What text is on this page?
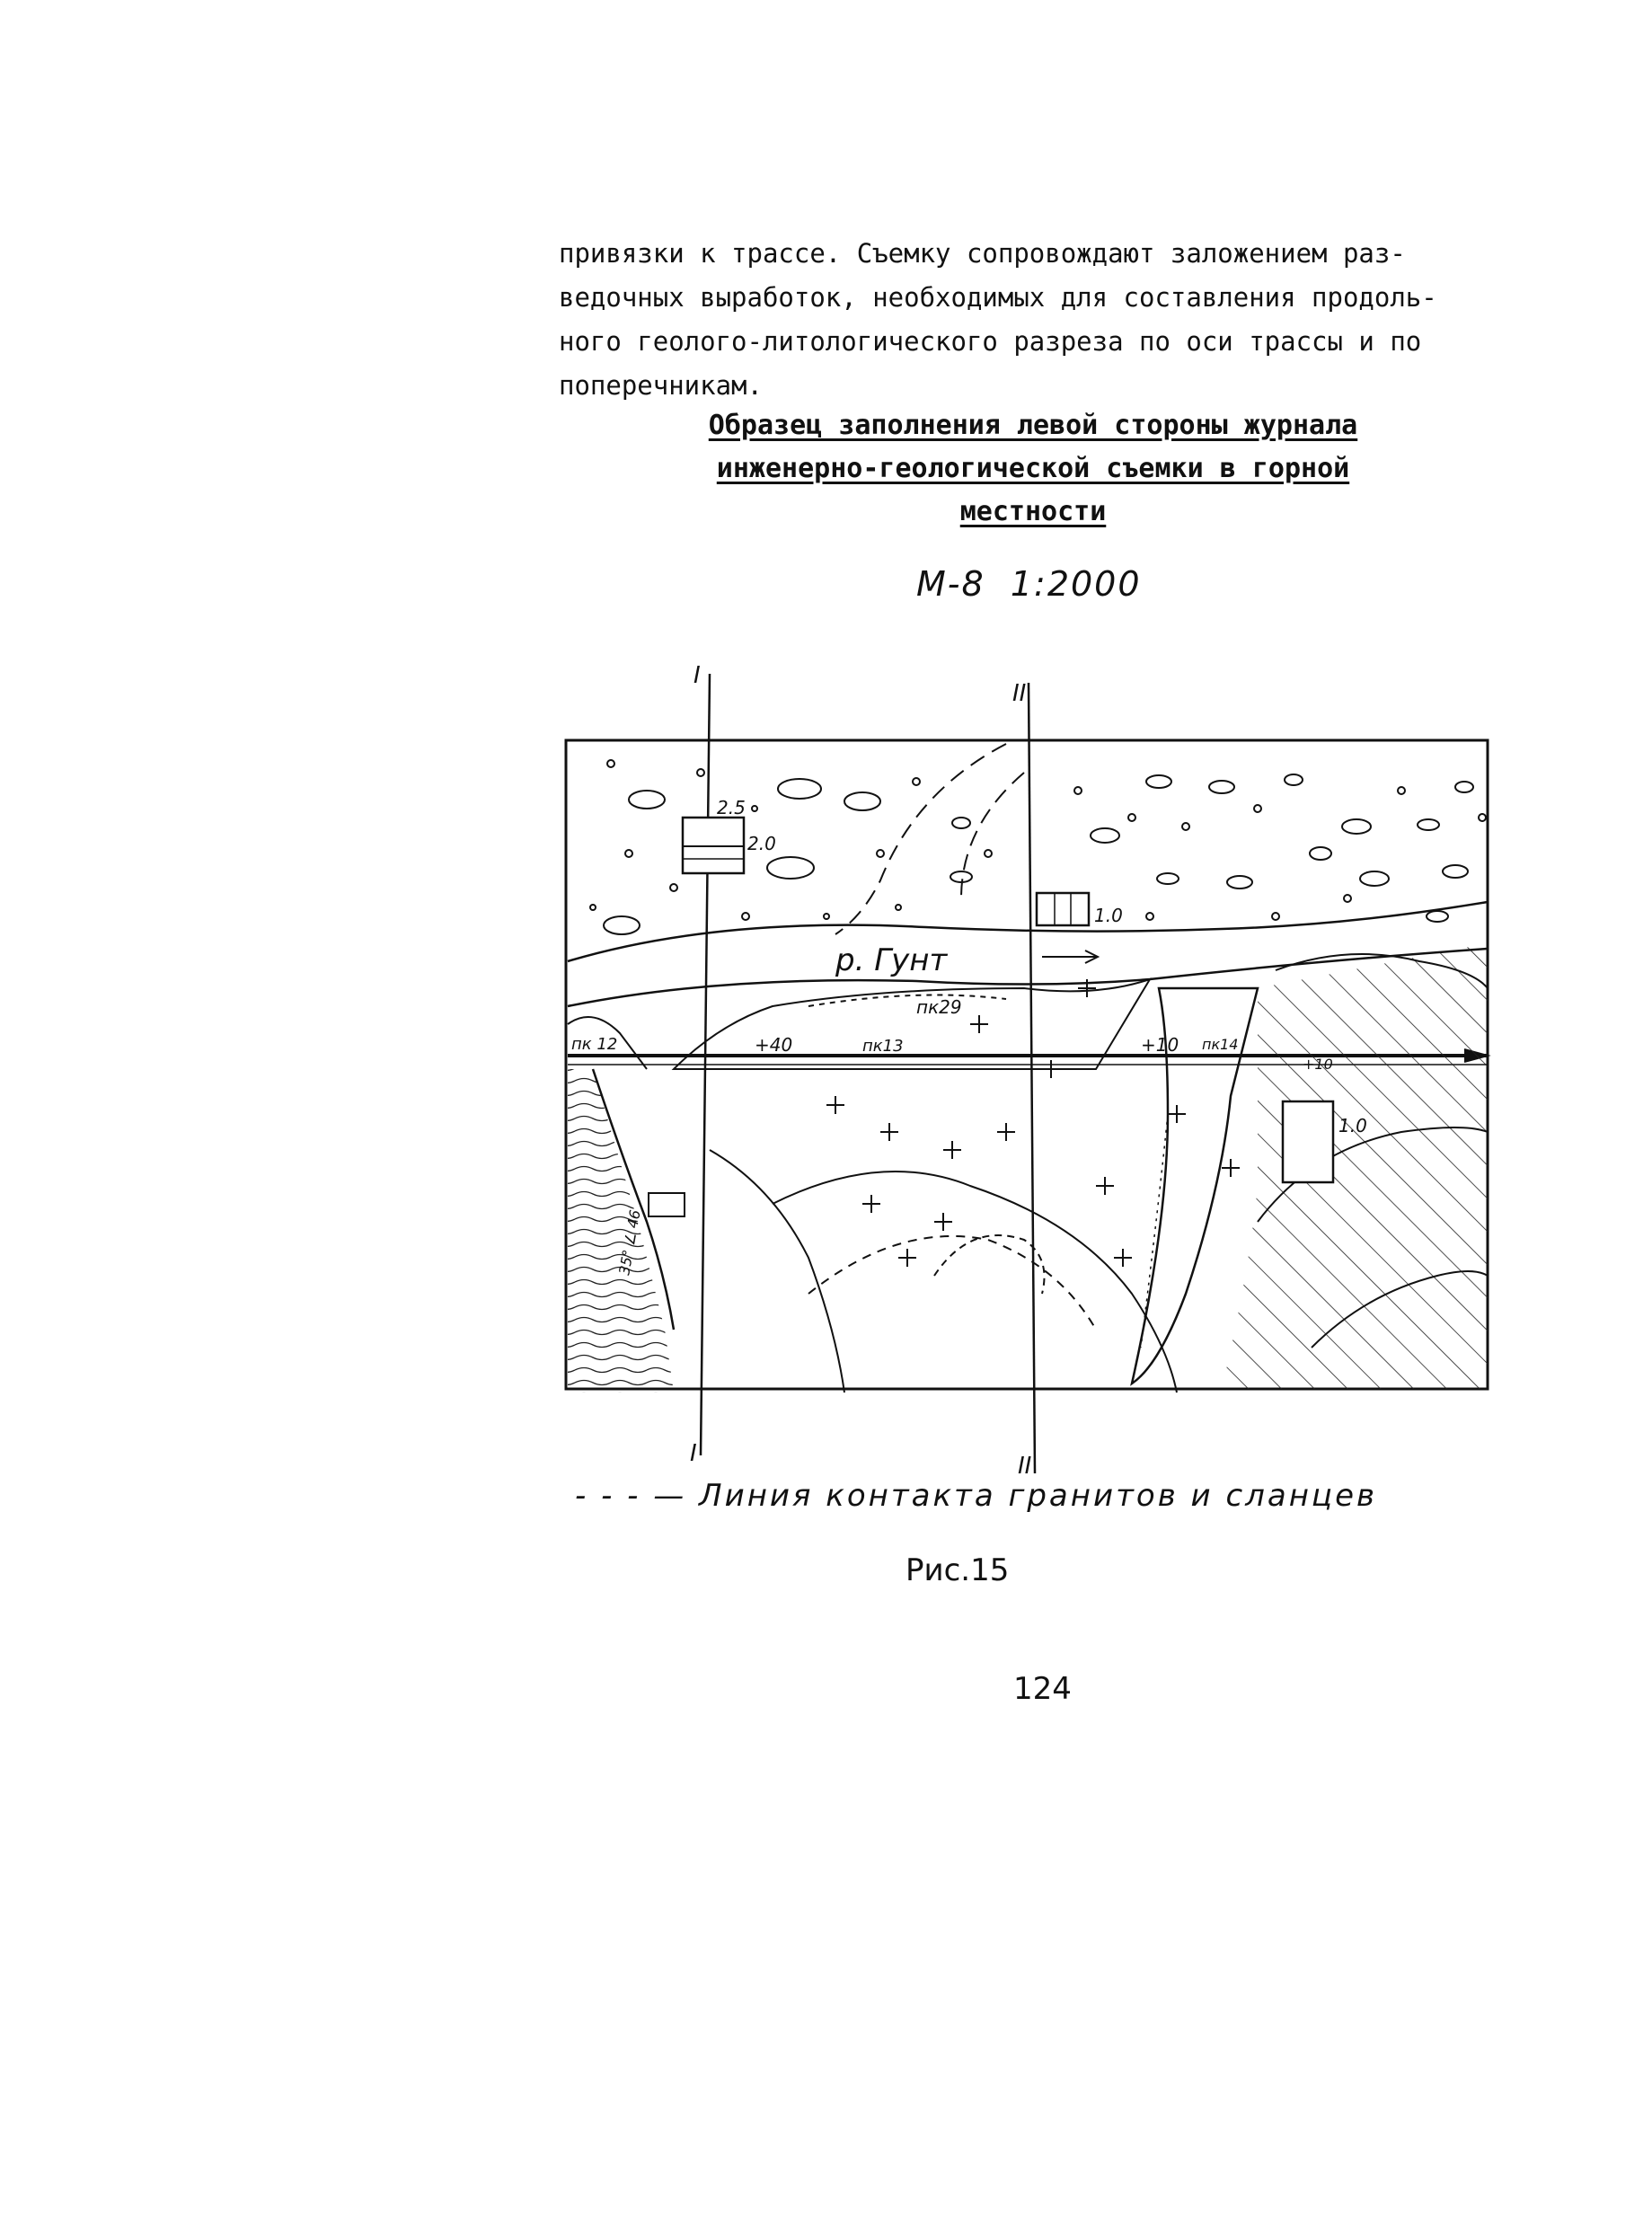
привязки к трассе. Съемку сопровождают заложением раз-
ведочных выработок, необходимых для составления продоль-
ного геолого-литологического разреза по оси трассы и по
поперечникам.
Образец заполнения левой стороны журнала
инженерно-геологической съемки в горной
местности
М-8  1:2000
I
II
I	II
2.5
2.0
1.0
р. Гунт
пк 12	+40	пк13
пк29
+10 пк14
35° ∠ 46
1.0
+10
- - - — Линия контакта гранитов и сланцев
Рис.15
124
